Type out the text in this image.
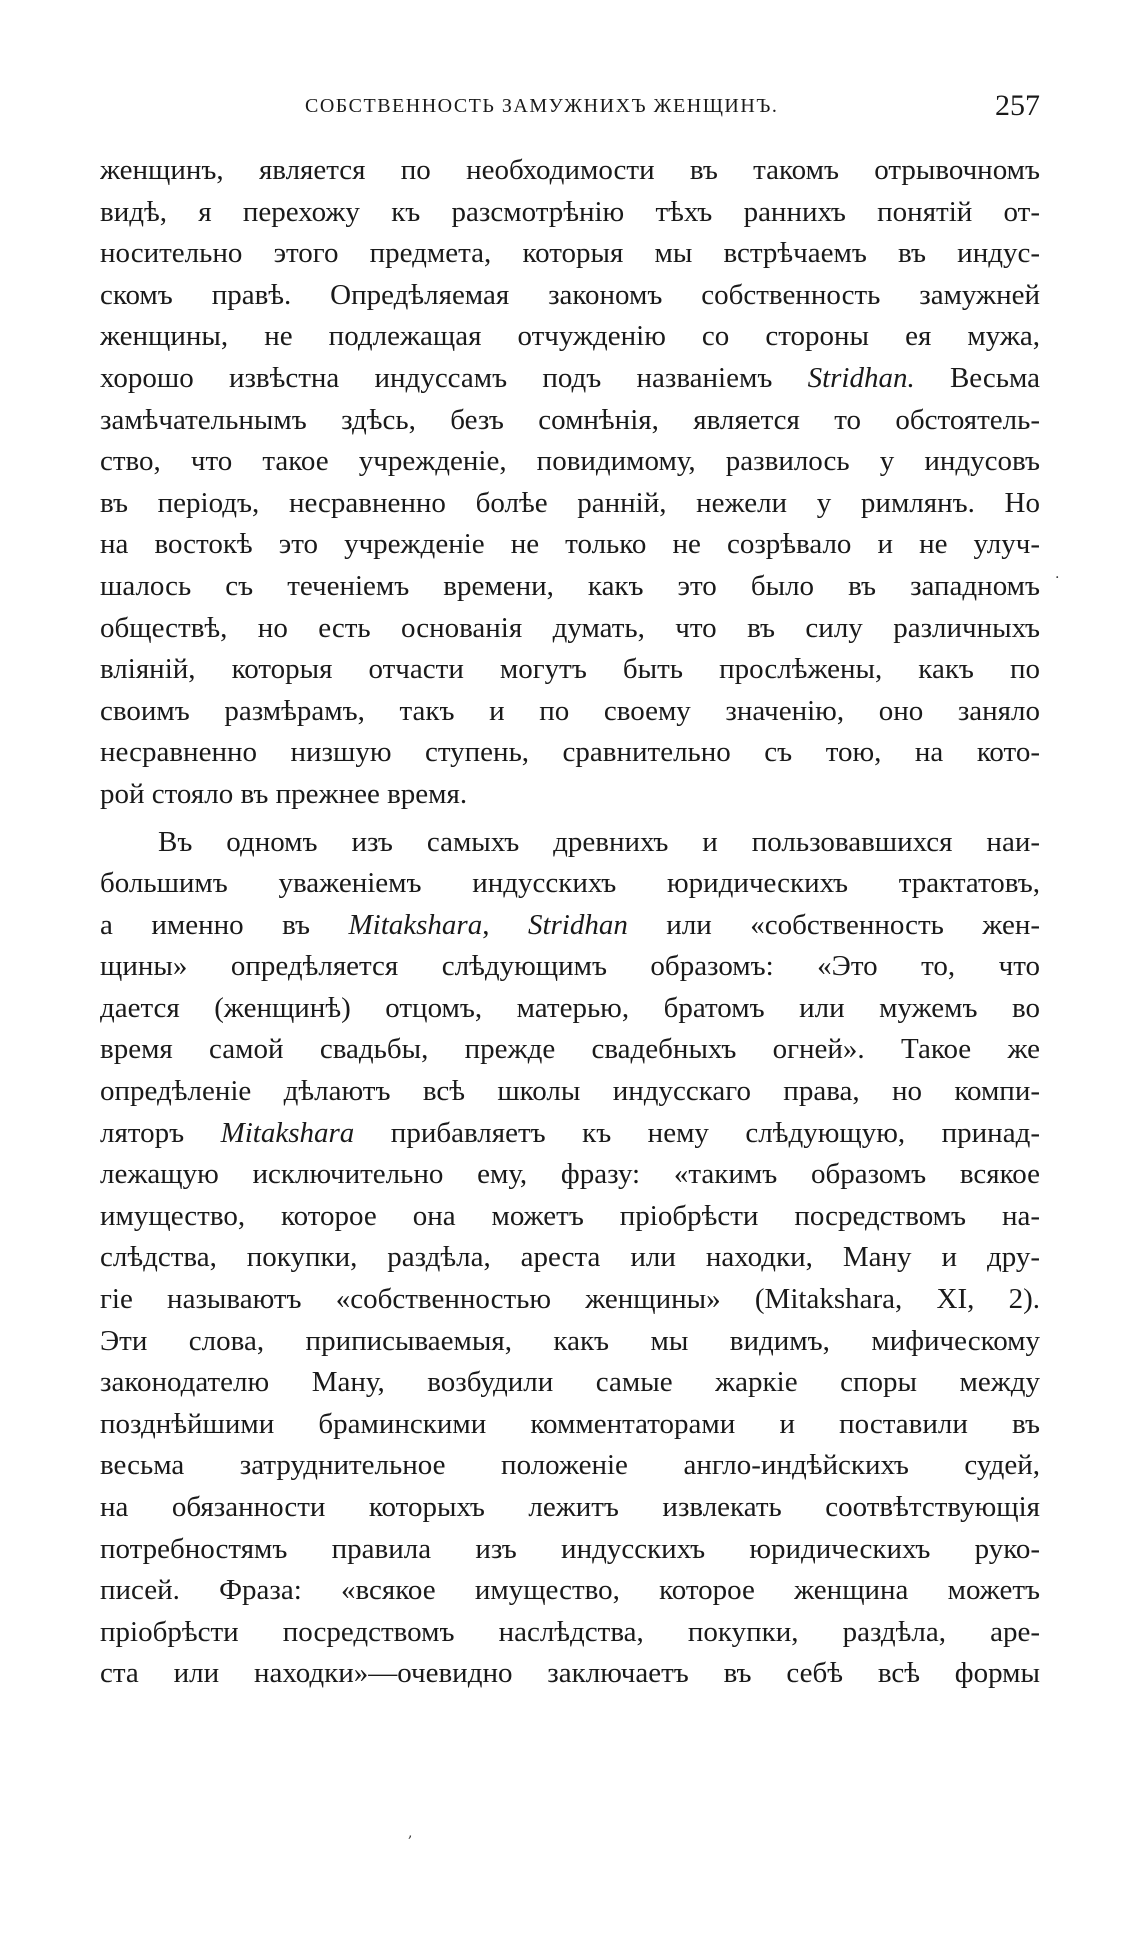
СОБСТВЕННОСТЬ ЗАМУЖНИХЪ ЖЕНЩИНЪ.	257
женщинъ, является по необходимости въ такомъ отрывочномъ
видѣ, я перехожу къ разсмотрѣнію тѣхъ раннихъ понятій от-
носительно этого предмета, которыя мы встрѣчаемъ въ индус-
скомъ правѣ. Опредѣляемая закономъ собственность замужней
женщины, не подлежащая отчужденію со стороны ея мужа,
хорошо извѣстна индуссамъ подъ названіемъ Stridhan. Весьма
замѣчательнымъ здѣсь, безъ сомнѣнія, является то обстоятель-
ство, что такое учрежденіе, повидимому, развилось у индусовъ
въ періодъ, несравненно болѣе ранній, нежели у римлянъ. Но
на востокѣ это учрежденіе не только не созрѣвало и не улуч-
шалось съ теченіемъ времени, какъ это было въ западномъ
обществѣ, но есть основанія думать, что въ силу различныхъ
вліяній, которыя отчасти могутъ быть прослѣжены, какъ по
своимъ размѣрамъ, такъ и по своему значенію, оно заняло
несравненно низшую ступень, сравнительно съ тою, на кото-
рой стояло въ прежнее время.
Въ одномъ изъ самыхъ древнихъ и пользовавшихся наи-
большимъ уваженіемъ индусскихъ юридическихъ трактатовъ,
а именно въ Mitakshara, Stridhan или «собственность жен-
щины» опредѣляется слѣдующимъ образомъ: «Это то, что
дается (женщинѣ) отцомъ, матерью, братомъ или мужемъ во
время самой свадьбы, прежде свадебныхъ огней». Такое же
опредѣленіе дѣлаютъ всѣ школы индусскаго права, но компи-
ляторъ Mitakshara прибавляетъ къ нему слѣдующую, принад-
лежащую исключительно ему, фразу: «такимъ образомъ всякое
имущество, которое она можетъ пріобрѣсти посредствомъ на-
слѣдства, покупки, раздѣла, ареста или находки, Ману и дру-
гіе называютъ «собственностью женщины» (Mitakshara, XI, 2).
Эти слова, приписываемыя, какъ мы видимъ, мифическому
законодателю Ману, возбудили самые жаркіе споры между
позднѣйшими браминскими комментаторами и поставили въ
весьма затруднительное положеніе англо-индѣйскихъ судей,
на обязанности которыхъ лежитъ извлекать соотвѣтствующія
потребностямъ правила изъ индусскихъ юридическихъ руко-
писей. Фраза: «всякое имущество, которое женщина можетъ
пріобрѣсти посредствомъ наслѣдства, покупки, раздѣла, аре-
ста или находки»—очевидно заключаетъ въ себѣ всѣ формы
.
,
